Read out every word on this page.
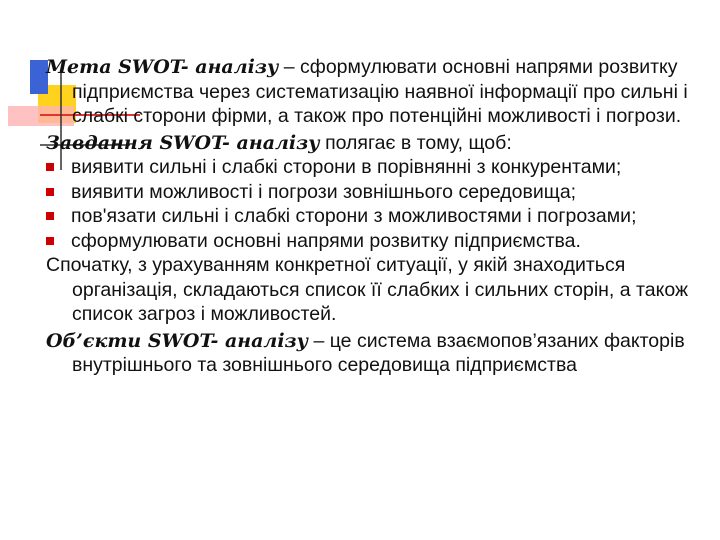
Мета SWOT- аналізу – сформулювати основні напрями розвитку підприємства через систематизацію наявної інформації про сильні і слабкі сторони фірми, а також про потенційні можливості і погрози.

Завдання SWOT- аналізу полягає в тому, щоб:

виявити сильні і слабкі сторони в порівнянні з конкурентами;
виявити можливості і погрози зовнішнього середовища;
пов'язати сильні і слабкі сторони з можливостями і погрозами;
сформулювати основні напрями розвитку підприємства.

Спочатку, з урахуванням конкретної ситуації, у якій знаходиться організація, складаються список її слабких і сильних сторін, а також список загроз і можливостей.

Об’єкти SWOT- аналізу – це система взаємопов’язаних факторів внутрішнього та зовнішнього середовища підприємства
